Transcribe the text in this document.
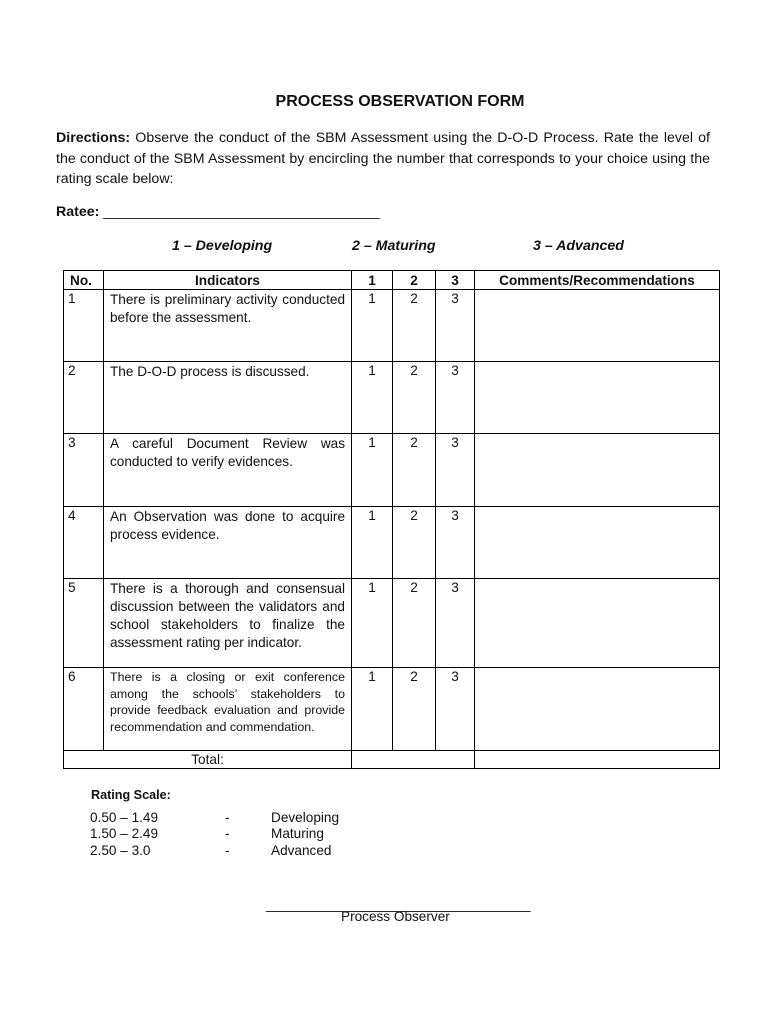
PROCESS OBSERVATION FORM
Directions: Observe the conduct of the SBM Assessment using the D-O-D Process. Rate the level of the conduct of the SBM Assessment by encircling the number that corresponds to your choice using the rating scale below:
Ratee: ___________________________________
1 – Developing	2 – Maturing	3 – Advanced
No.	Indicators	1	2	3	Comments/Recommendations
1	There is preliminary activity conducted before the assessment.	1	2	3	
2	The D-O-D process is discussed.	1	2	3	
3	A careful Document Review was conducted to verify evidences.	1	2	3	
4	An Observation was done to acquire process evidence.	1	2	3	
5	There is a thorough and consensual discussion between the validators and school stakeholders to finalize the assessment rating per indicator.	1	2	3	
6	There is a closing or exit conference among the schools’ stakeholders to provide feedback evaluation and provide recommendation and commendation.	1	2	3	
Total:					
Rating Scale:
0.50 – 1.49	-	Developing
1.50 – 2.49	-	Maturing
2.50 – 3.0	-	Advanced
___________________________________
Process Observer
